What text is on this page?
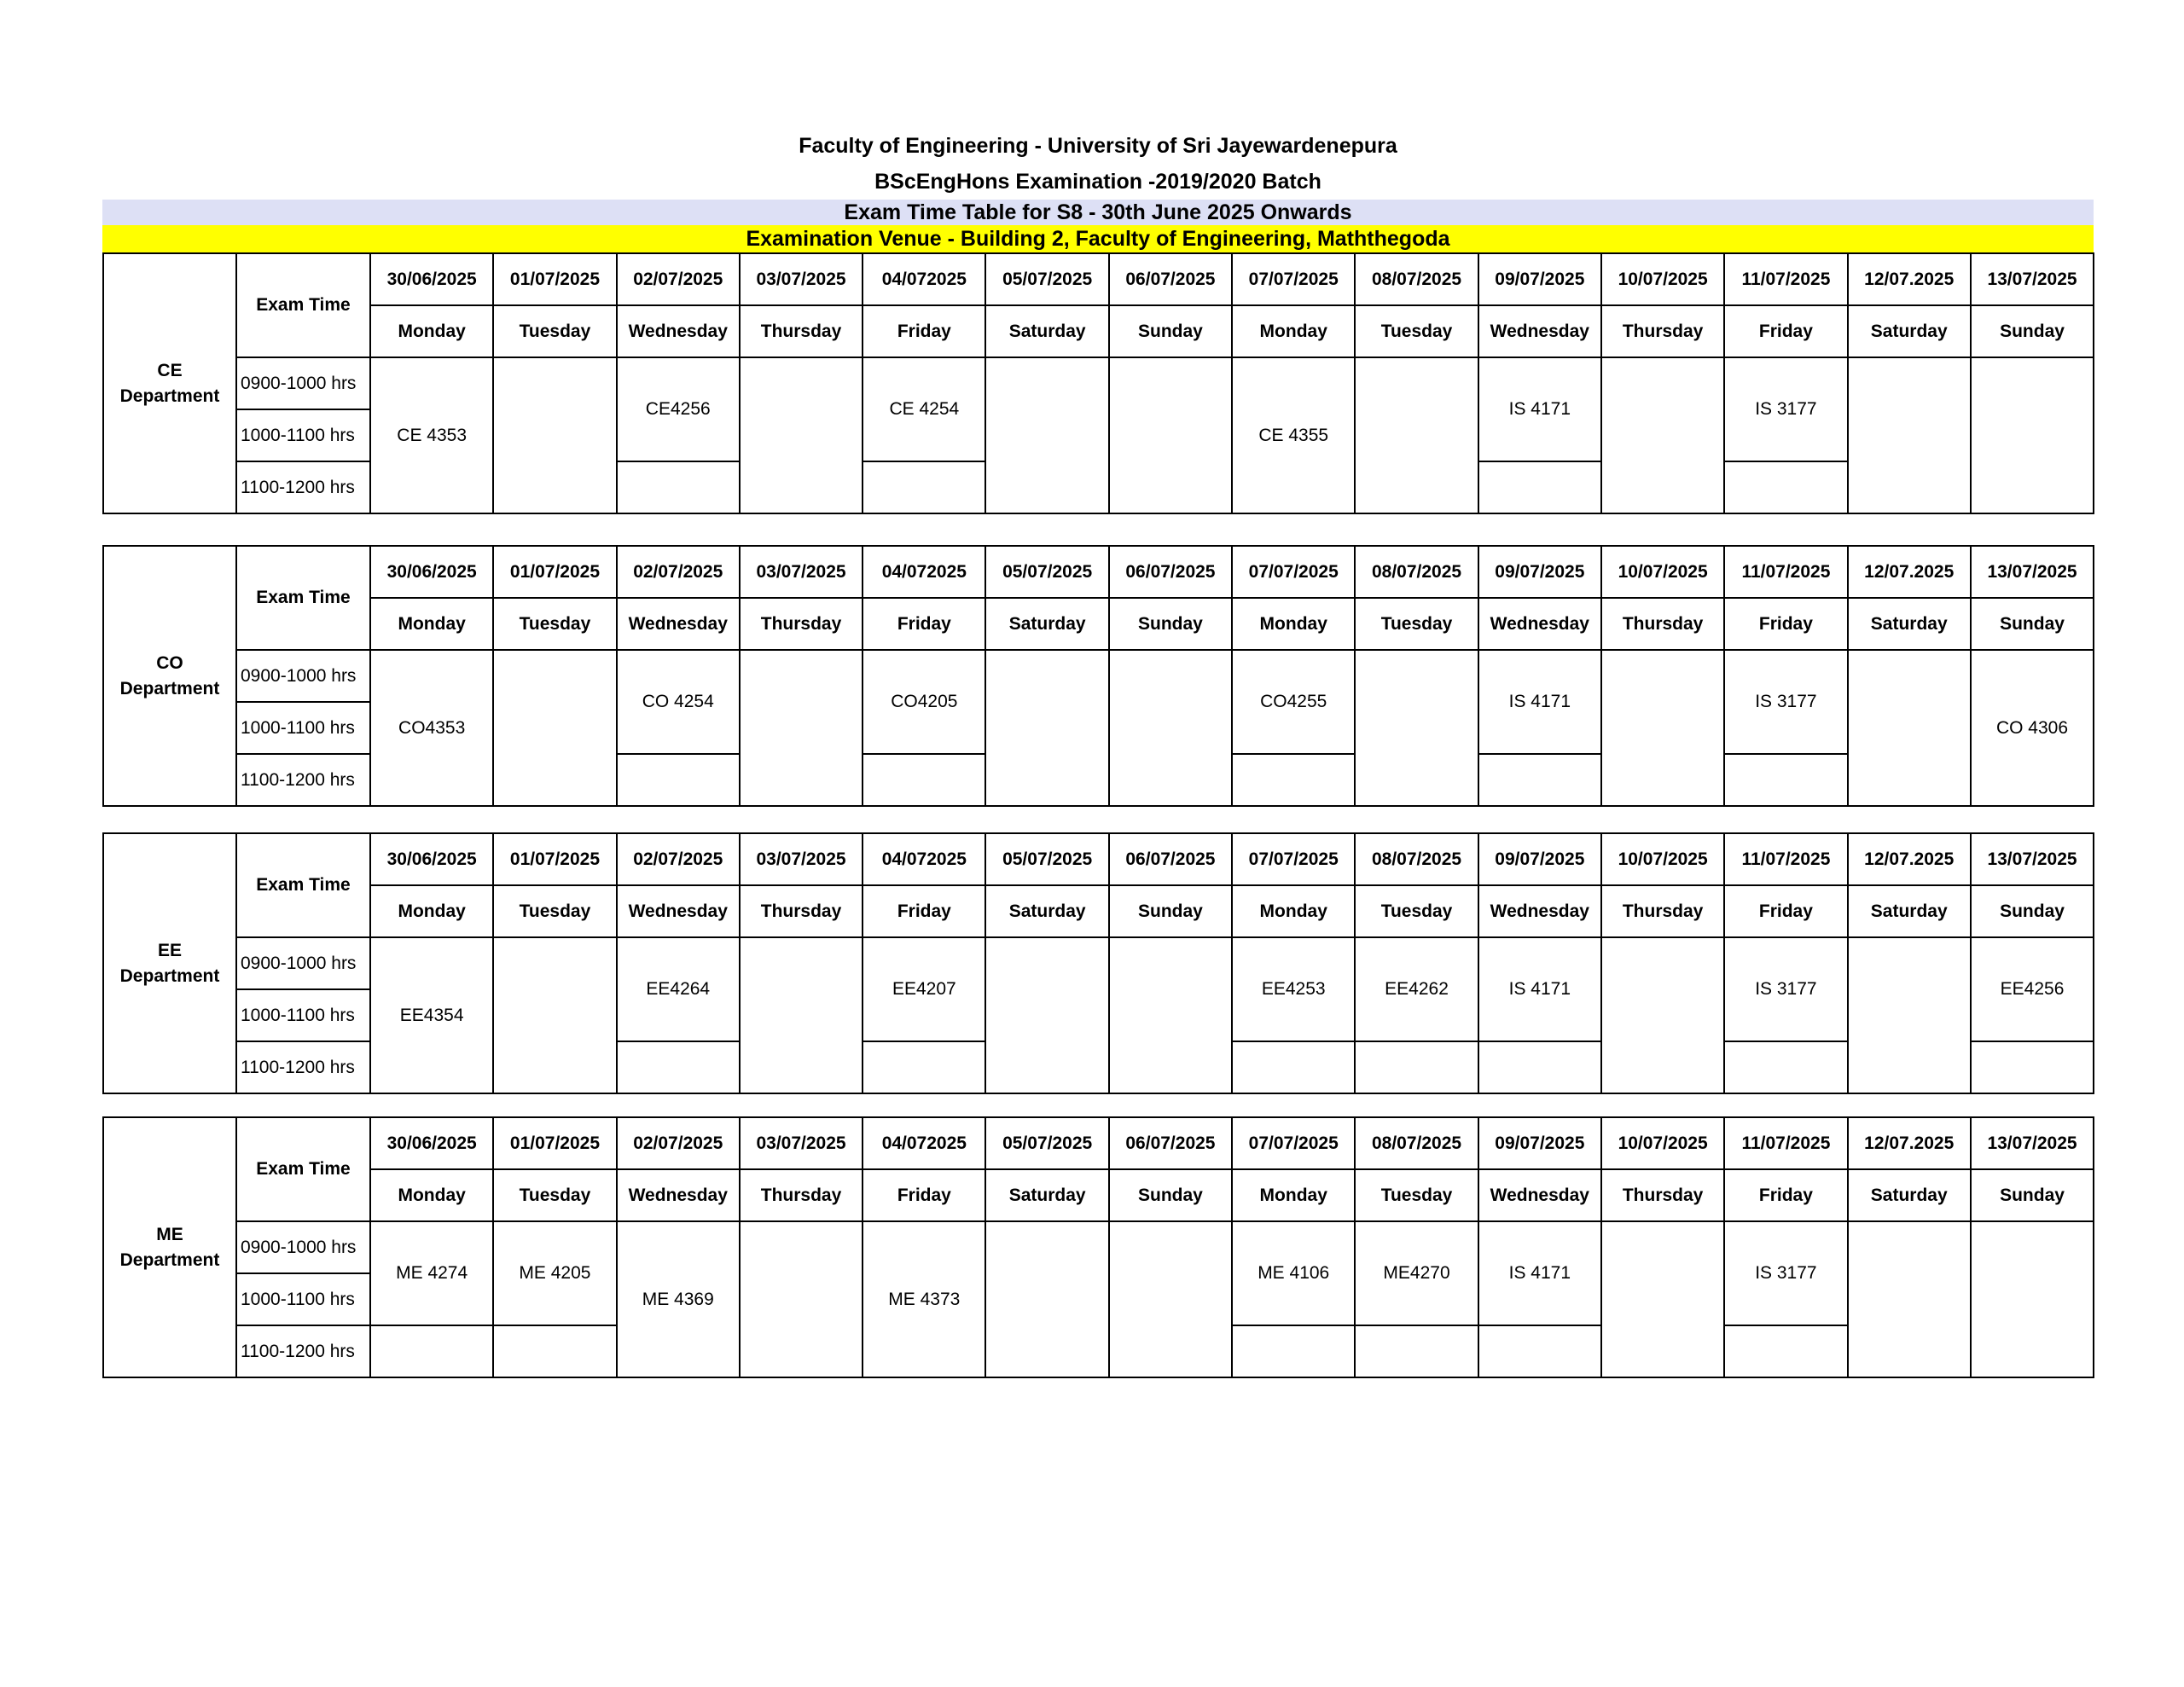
Faculty of Engineering - University of Sri Jayewardenepura
BScEngHons Examination -2019/2020 Batch
Exam Time Table for S8 - 30th June 2025 Onwards
Examination Venue - Building 2, Faculty of Engineering, Maththegoda
CE
Department	Exam Time	30/06/2025	01/07/2025	02/07/2025	03/07/2025	04/072025	05/07/2025	06/07/2025	07/07/2025	08/07/2025	09/07/2025	10/07/2025	11/07/2025	12/07.2025	13/07/2025
		Monday	Tuesday	Wednesday	Thursday	Friday	Saturday	Sunday	Monday	Tuesday	Wednesday	Thursday	Friday	Saturday	Sunday
	0900-1000 hrs	CE 4353		CE4256		CE 4254			CE 4355		IS 4171		IS 3177		
	1000-1100 hrs														
	1100-1200 hrs														
CO
Department	Exam Time	30/06/2025	01/07/2025	02/07/2025	03/07/2025	04/072025	05/07/2025	06/07/2025	07/07/2025	08/07/2025	09/07/2025	10/07/2025	11/07/2025	12/07.2025	13/07/2025
		Monday	Tuesday	Wednesday	Thursday	Friday	Saturday	Sunday	Monday	Tuesday	Wednesday	Thursday	Friday	Saturday	Sunday
	0900-1000 hrs	CO4353		CO 4254		CO4205			CO4255		IS 4171		IS 3177		CO 4306
	1000-1100 hrs														
	1100-1200 hrs														
EE
Department	Exam Time	30/06/2025	01/07/2025	02/07/2025	03/07/2025	04/072025	05/07/2025	06/07/2025	07/07/2025	08/07/2025	09/07/2025	10/07/2025	11/07/2025	12/07.2025	13/07/2025
		Monday	Tuesday	Wednesday	Thursday	Friday	Saturday	Sunday	Monday	Tuesday	Wednesday	Thursday	Friday	Saturday	Sunday
	0900-1000 hrs	EE4354		EE4264		EE4207			EE4253	EE4262	IS 4171		IS 3177		EE4256
	1000-1100 hrs														
	1100-1200 hrs														
ME
Department	Exam Time	30/06/2025	01/07/2025	02/07/2025	03/07/2025	04/072025	05/07/2025	06/07/2025	07/07/2025	08/07/2025	09/07/2025	10/07/2025	11/07/2025	12/07.2025	13/07/2025
		Monday	Tuesday	Wednesday	Thursday	Friday	Saturday	Sunday	Monday	Tuesday	Wednesday	Thursday	Friday	Saturday	Sunday
	0900-1000 hrs	ME 4274	ME 4205	ME 4369		ME 4373			ME 4106	ME4270	IS 4171		IS 3177		
	1000-1100 hrs														
	1100-1200 hrs														
